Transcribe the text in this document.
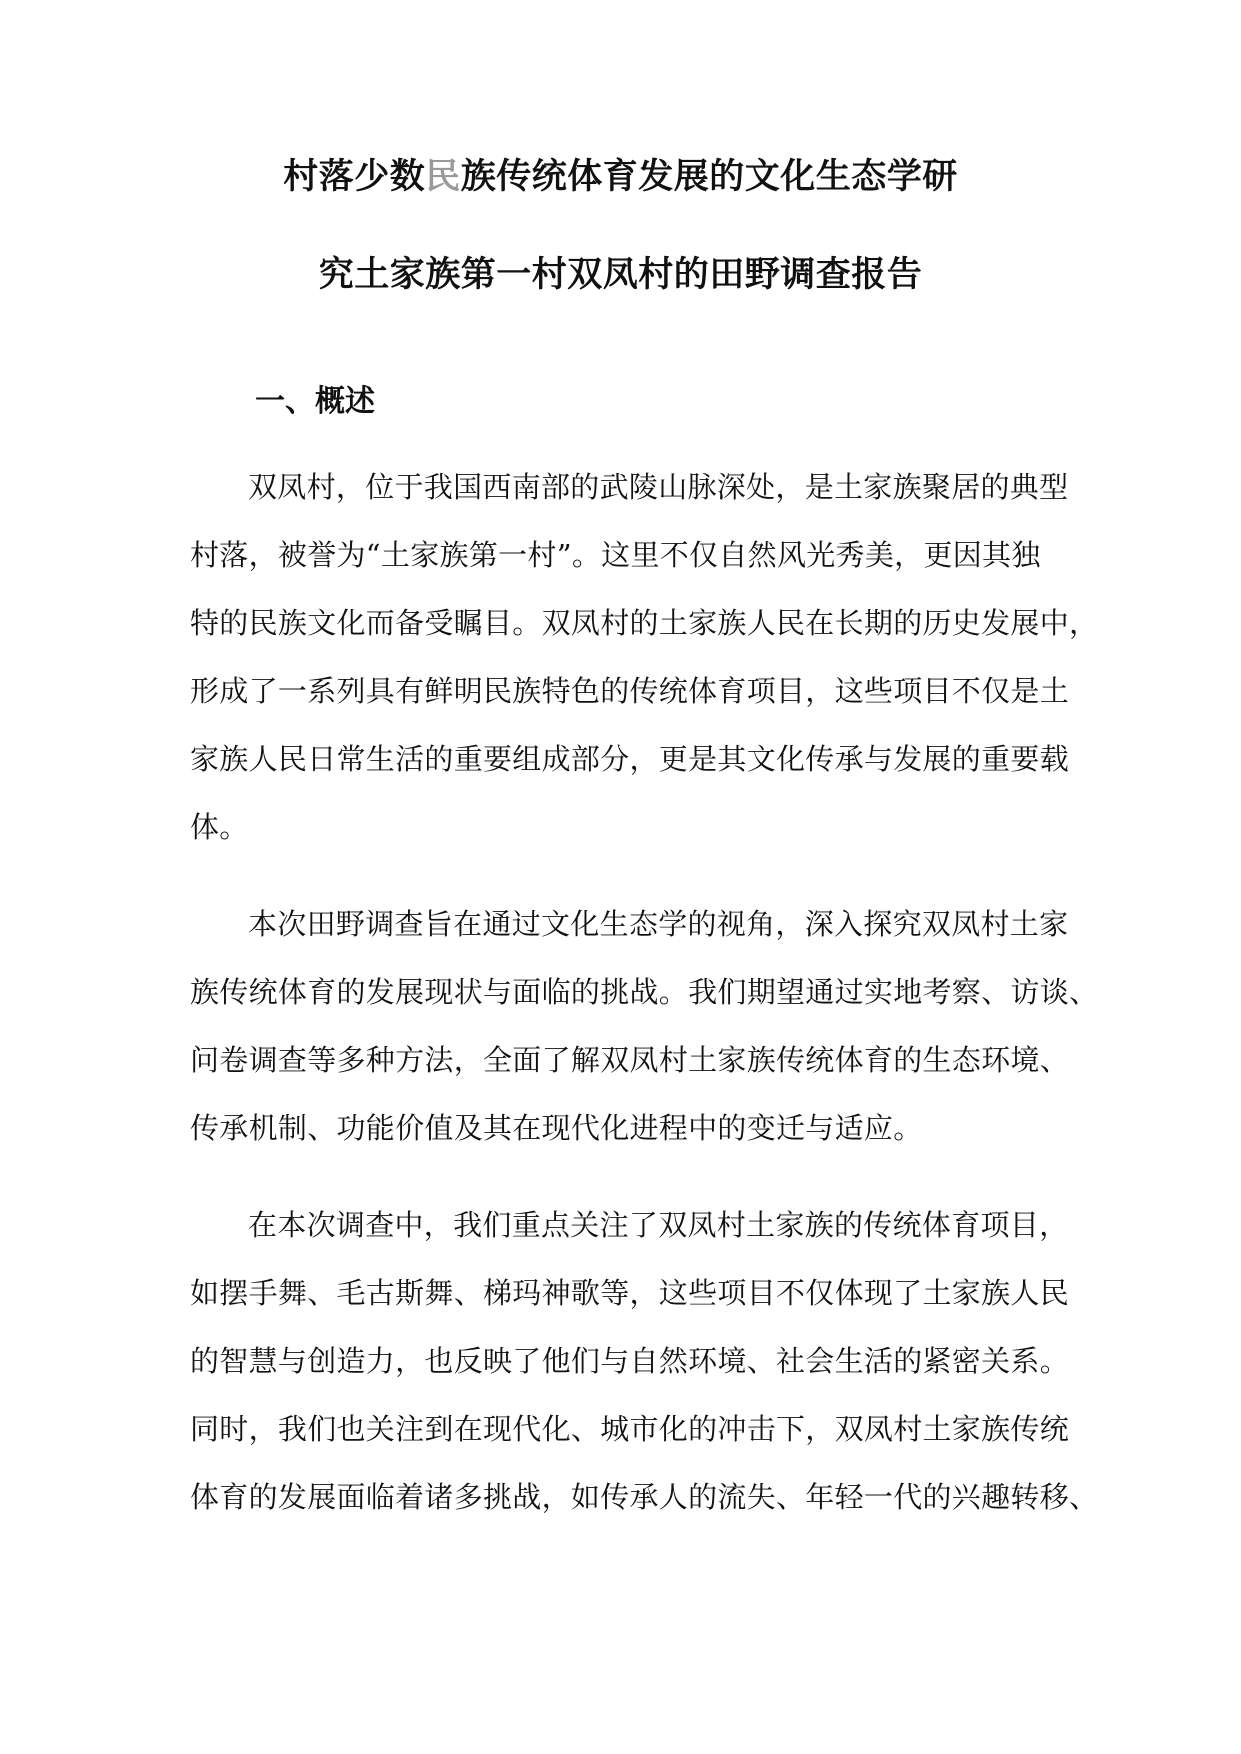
村落少数民族传统体育发展的文化生态学研
究土家族第一村双凤村的田野调查报告
一、概述
双凤村，位于我国西南部的武陵山脉深处，是土家族聚居的典型
村落，被誉为“土家族第一村”。这里不仅自然风光秀美，更因其独
特的民族文化而备受瞩目。双凤村的土家族人民在长期的历史发展中，
形成了一系列具有鲜明民族特色的传统体育项目，这些项目不仅是土
家族人民日常生活的重要组成部分，更是其文化传承与发展的重要载
体。
本次田野调查旨在通过文化生态学的视角，深入探究双凤村土家
族传统体育的发展现状与面临的挑战。我们期望通过实地考察、访谈、
问卷调查等多种方法，全面了解双凤村土家族传统体育的生态环境、
传承机制、功能价值及其在现代化进程中的变迁与适应。
在本次调查中，我们重点关注了双凤村土家族的传统体育项目，
如摆手舞、毛古斯舞、梯玛神歌等，这些项目不仅体现了土家族人民
的智慧与创造力，也反映了他们与自然环境、社会生活的紧密关系。
同时，我们也关注到在现代化、城市化的冲击下，双凤村土家族传统
体育的发展面临着诸多挑战，如传承人的流失、年轻一代的兴趣转移、
